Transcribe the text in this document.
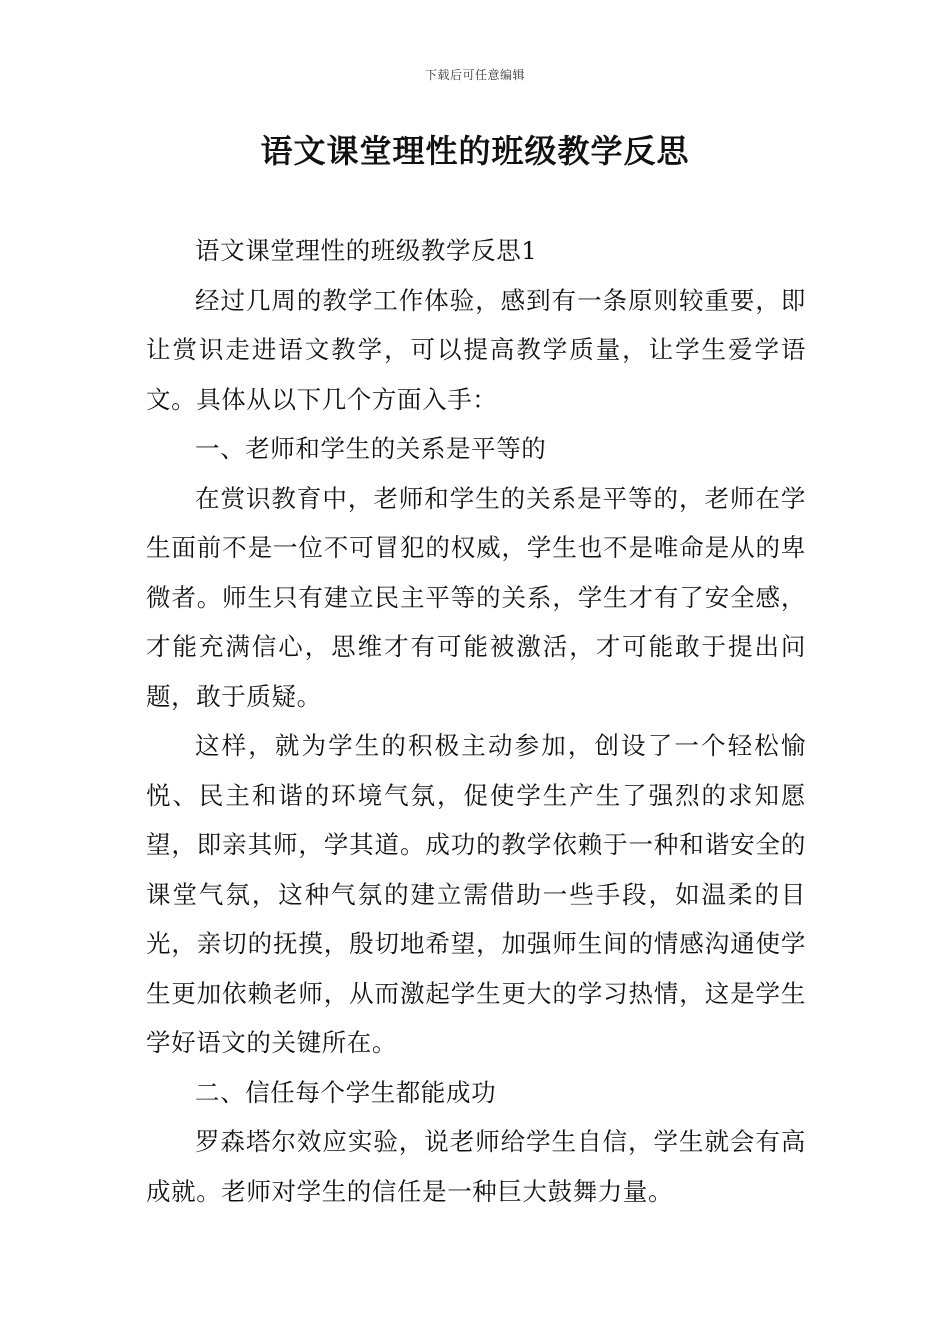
下载后可任意编辑
语文课堂理性的班级教学反思

语文课堂理性的班级教学反思1

经过几周的教学工作体验，感到有一条原则较重要，即让赏识走进语文教学，可以提高教学质量，让学生爱学语文。具体从以下几个方面入手：

一、老师和学生的关系是平等的

在赏识教育中，老师和学生的关系是平等的，老师在学生面前不是一位不可冒犯的权威，学生也不是唯命是从的卑微者。师生只有建立民主平等的关系，学生才有了安全感，才能充满信心，思维才有可能被激活，才可能敢于提出问题，敢于质疑。

这样，就为学生的积极主动参加，创设了一个轻松愉悦、民主和谐的环境气氛，促使学生产生了强烈的求知愿望，即亲其师，学其道。成功的教学依赖于一种和谐安全的课堂气氛，这种气氛的建立需借助一些手段，如温柔的目光，亲切的抚摸，殷切地希望，加强师生间的情感沟通使学生更加依赖老师，从而激起学生更大的学习热情，这是学生学好语文的关键所在。

二、信任每个学生都能成功

罗森塔尔效应实验，说老师给学生自信，学生就会有高成就。老师对学生的信任是一种巨大鼓舞力量。
